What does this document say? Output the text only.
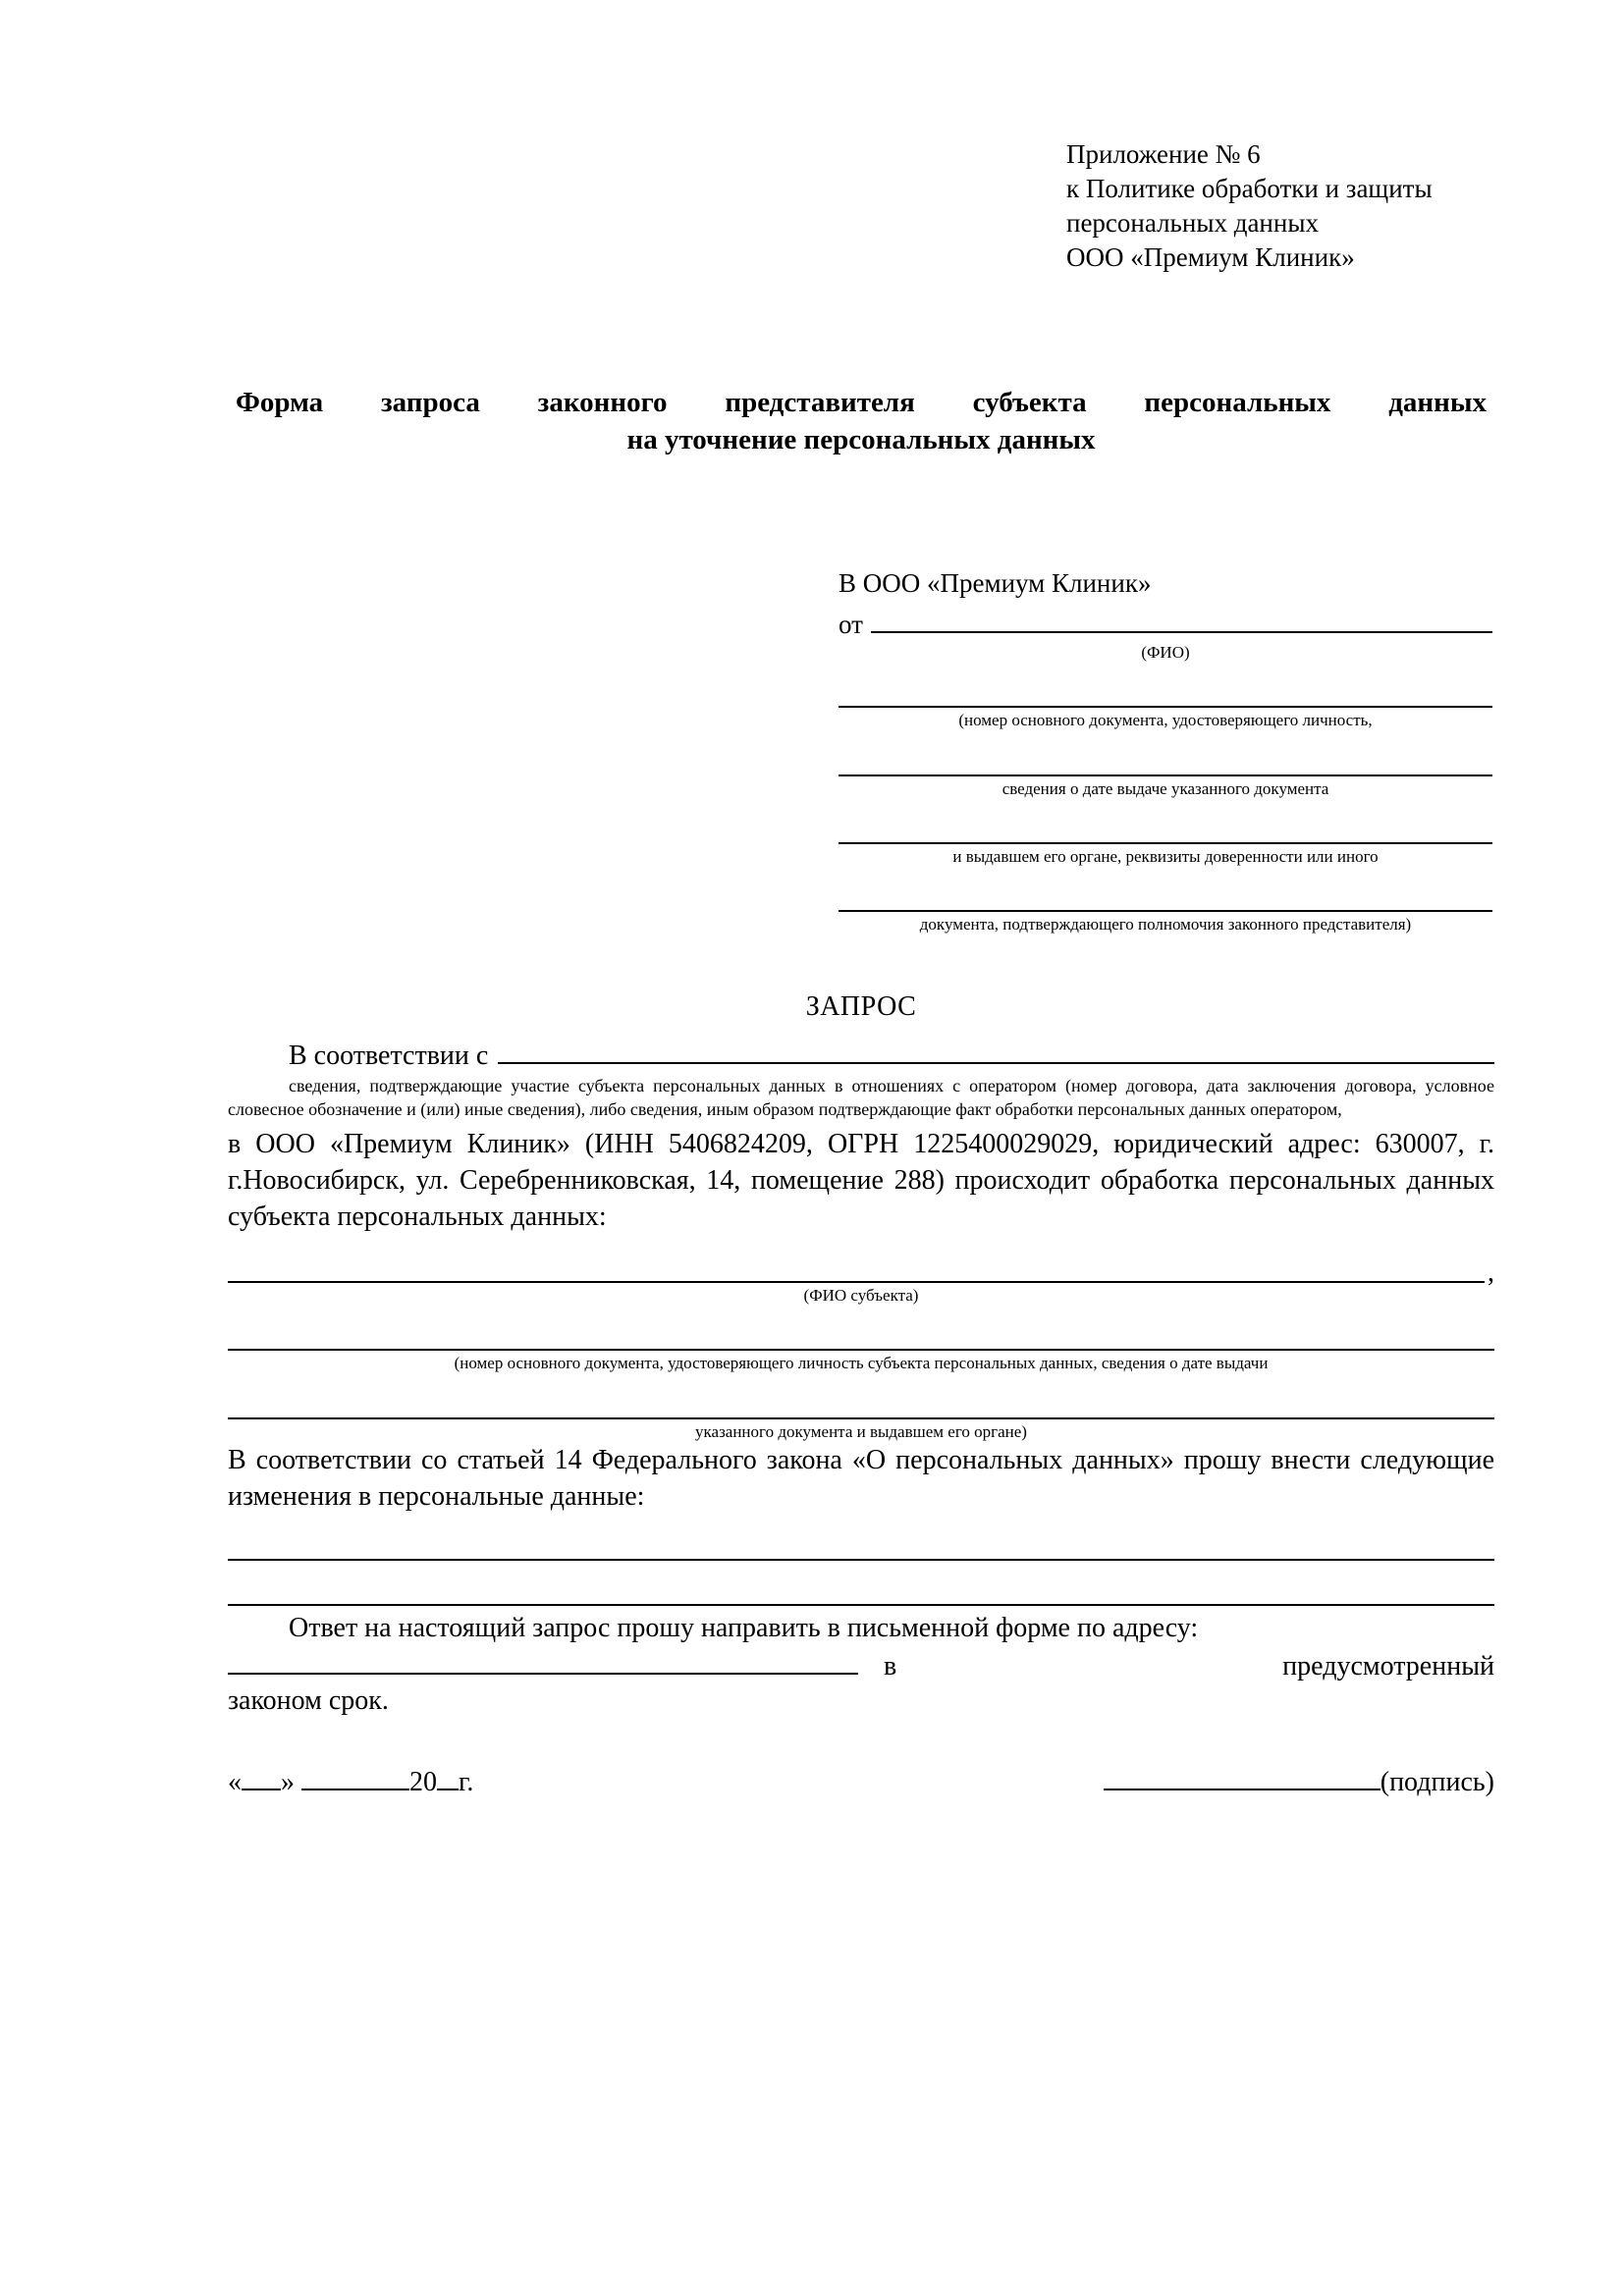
Приложение № 6
к Политике обработки и защиты
персональных данных
ООО «Премиум Клиник»
Форма запроса законного представителя субъекта персональных данных
на уточнение персональных данных
В ООО «Премиум Клиник»
от
(ФИО)
(номер основного документа, удостоверяющего личность,
сведения о дате выдаче указанного документа
и выдавшем его органе, реквизиты доверенности или иного
документа, подтверждающего полномочия законного представителя)
ЗАПРОС
В соответствии с
сведения, подтверждающие участие субъекта персональных данных в отношениях с оператором (номер договора, дата заключения договора, условное словесное обозначение и (или) иные сведения), либо сведения, иным образом подтверждающие факт обработки персональных данных оператором,
в ООО «Премиум Клиник» (ИНН 5406824209, ОГРН 1225400029029, юридический адрес: 630007, г. г.Новосибирск, ул. Серебренниковская, 14, помещение 288) происходит обработка персональных данных субъекта персональных данных:
,
(ФИО субъекта)
(номер основного документа, удостоверяющего личность субъекта персональных данных, сведения о дате выдачи
указанного документа и выдавшем его органе)
В соответствии со статьей 14 Федерального закона «О персональных данных» прошу внести следующие изменения в персональные данные:
Ответ на настоящий запрос прошу направить в письменной форме по адресу:
в	предусмотренный
законом срок.
« »	20 г.	(подпись)
